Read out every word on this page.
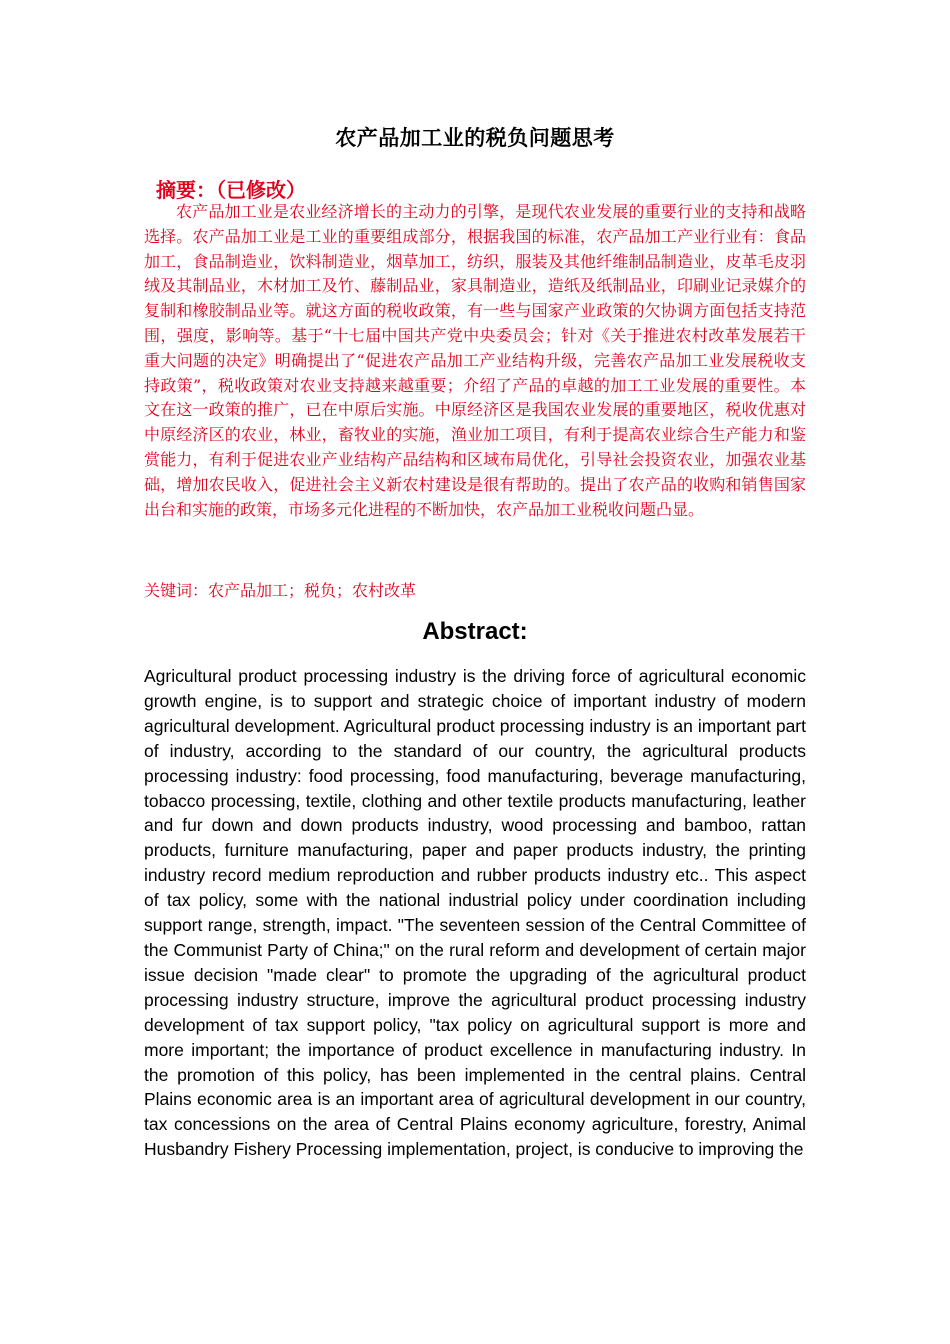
农产品加工业的税负问题思考
摘要：（已修改）

农产品加工业是农业经济增长的主动力的引擎，是现代农业发展的重要行业的支持和战略选择。农产品加工业是工业的重要组成部分，根据我国的标准，农产品加工产业行业有：食品加工，食品制造业，饮料制造业，烟草加工，纺织，服装及其他纤维制品制造业，皮革毛皮羽绒及其制品业，木材加工及竹、藤制品业，家具制造业，造纸及纸制品业，印刷业记录媒介的复制和橡胶制品业等。就这方面的税收政策，有一些与国家产业政策的欠协调方面包括支持范围，强度，影响等。基于“十七届中国共产党中央委员会；针对《关于推进农村改革发展若干重大问题的决定》明确提出了“促进农产品加工产业结构升级，完善农产品加工业发展税收支持政策”，税收政策对农业支持越来越重要；介绍了产品的卓越的加工工业发展的重要性。本文在这一政策的推广，已在中原后实施。中原经济区是我国农业发展的重要地区，税收优惠对中原经济区的农业，林业，畜牧业的实施，渔业加工项目，有利于提高农业综合生产能力和鉴赏能力，有利于促进农业产业结构产品结构和区域布局优化，引导社会投资农业，加强农业基础，增加农民收入，促进社会主义新农村建设是很有帮助的。提出了农产品的收购和销售国家出台和实施的政策，市场多元化进程的不断加快，农产品加工业税收问题凸显。

关键词：农产品加工；税负；农村改革

Abstract:

Agricultural product processing industry is the driving force of agricultural economic growth engine, is to support and strategic choice of important industry of modern agricultural development. Agricultural product processing industry is an important part of industry, according to the standard of our country, the agricultural products processing industry: food processing, food manufacturing, beverage manufacturing, tobacco processing, textile, clothing and other textile products manufacturing, leather and fur down and down products industry, wood processing and bamboo, rattan products, furniture manufacturing, paper and paper products industry, the printing industry record medium reproduction and rubber products industry etc.. This aspect of tax policy, some with the national industrial policy under coordination including support range, strength, impact. "The seventeen session of the Central Committee of the Communist Party of China;" on the rural reform and development of certain major issue decision "made clear" to promote the upgrading of the agricultural product processing industry structure, improve the agricultural product processing industry development of tax support policy, "tax policy on agricultural support is more and more important; the importance of product excellence in manufacturing industry. In the promotion of this policy, has been implemented in the central plains. Central Plains economic area is an important area of agricultural development in our country, tax concessions on the area of Central Plains economy agriculture, forestry, Animal Husbandry Fishery Processing implementation, project, is conducive to improving the
